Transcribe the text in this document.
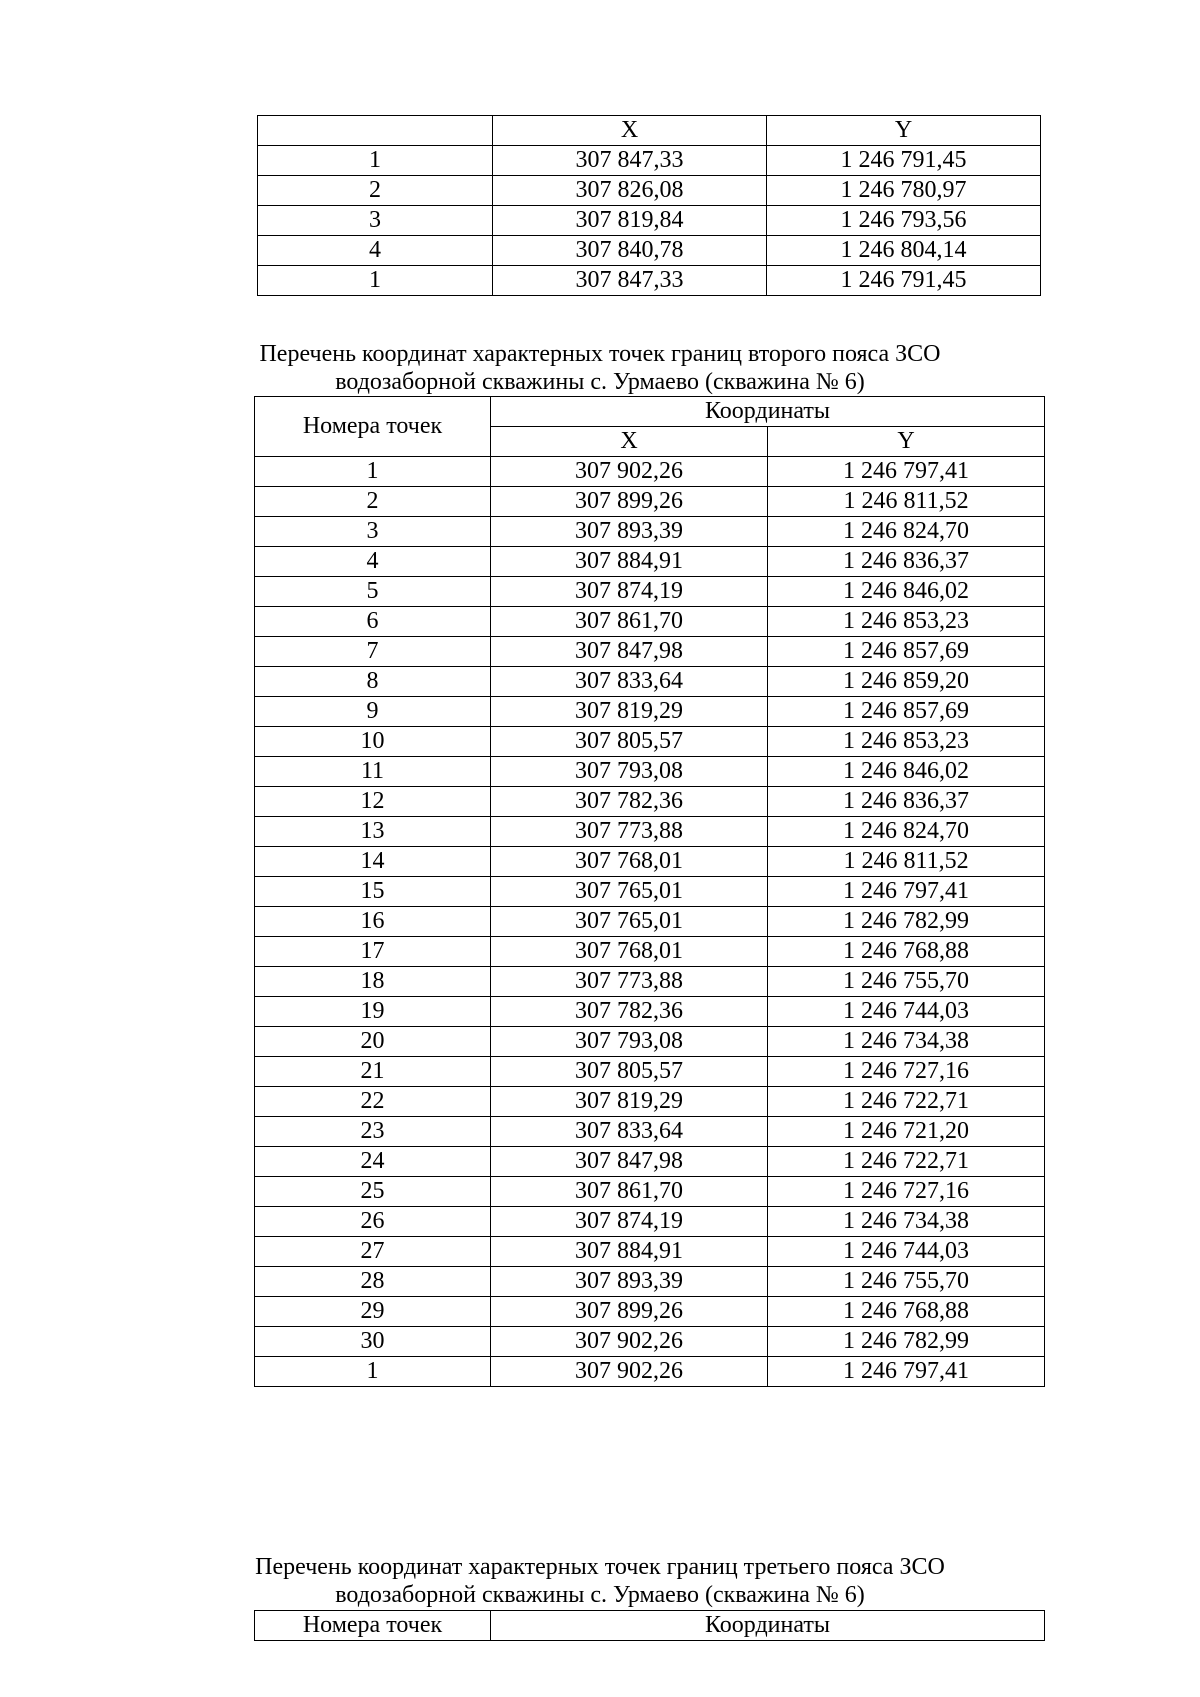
	X	Y
1	307 847,33	1 246 791,45
2	307 826,08	1 246 780,97
3	307 819,84	1 246 793,56
4	307 840,78	1 246 804,14
1	307 847,33	1 246 791,45
Перечень координат характерных точек границ второго пояса ЗСО
водозаборной скважины с. Урмаево (скважина № 6)
Номера точек	Координаты	
	X	Y
1	307 902,26	1 246 797,41
2	307 899,26	1 246 811,52
3	307 893,39	1 246 824,70
4	307 884,91	1 246 836,37
5	307 874,19	1 246 846,02
6	307 861,70	1 246 853,23
7	307 847,98	1 246 857,69
8	307 833,64	1 246 859,20
9	307 819,29	1 246 857,69
10	307 805,57	1 246 853,23
11	307 793,08	1 246 846,02
12	307 782,36	1 246 836,37
13	307 773,88	1 246 824,70
14	307 768,01	1 246 811,52
15	307 765,01	1 246 797,41
16	307 765,01	1 246 782,99
17	307 768,01	1 246 768,88
18	307 773,88	1 246 755,70
19	307 782,36	1 246 744,03
20	307 793,08	1 246 734,38
21	307 805,57	1 246 727,16
22	307 819,29	1 246 722,71
23	307 833,64	1 246 721,20
24	307 847,98	1 246 722,71
25	307 861,70	1 246 727,16
26	307 874,19	1 246 734,38
27	307 884,91	1 246 744,03
28	307 893,39	1 246 755,70
29	307 899,26	1 246 768,88
30	307 902,26	1 246 782,99
1	307 902,26	1 246 797,41
Перечень координат характерных точек границ третьего пояса ЗСО
водозаборной скважины с. Урмаево (скважина № 6)
Номера точек	Координаты
